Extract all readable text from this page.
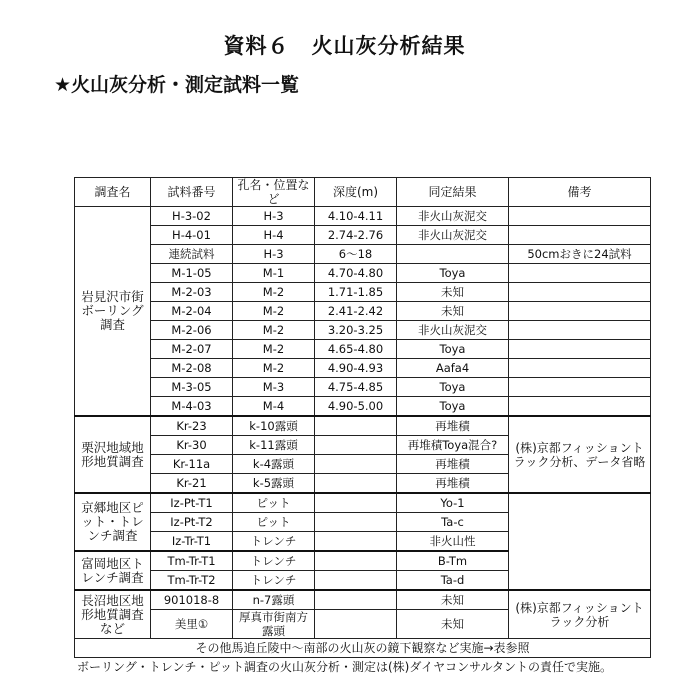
資料６　火山灰分析結果
★火山灰分析・測定試料一覧
調査名	試料番号	孔名・位置など	深度(m)	同定結果	備考
岩見沢市街ボーリング調査	H-3-02	H-3	4.10-4.11	非火山灰泥交	
	H-4-01	H-4	2.74-2.76	非火山灰泥交	
	連続試料	H-3	6～18		50cmおきに24試料
	M-1-05	M-1	4.70-4.80	Toya	
	M-2-03	M-2	1.71-1.85	未知	
	M-2-04	M-2	2.41-2.42	未知	
	M-2-06	M-2	3.20-3.25	非火山灰泥交	
	M-2-07	M-2	4.65-4.80	Toya	
	M-2-08	M-2	4.90-4.93	Aafa4	
	M-3-05	M-3	4.75-4.85	Toya	
	M-4-03	M-4	4.90-5.00	Toya	
栗沢地域地形地質調査	Kr-23	k-10露頭		再堆積	(株)京都フィッショントラック分析、データ省略
	Kr-30	k-11露頭		再堆積Toya混合?	
	Kr-11a	k-4露頭		再堆積	
	Kr-21	k-5露頭		再堆積	
京郷地区ピット・トレンチ調査	Iz-Pt-T1	ピット		Yo-1	
	Iz-Pt-T2	ピット		Ta-c	
	Iz-Tr-T1	トレンチ		非火山性	
富岡地区トレンチ調査	Tm-Tr-T1	トレンチ		B-Tm	
	Tm-Tr-T2	トレンチ		Ta-d	
長沼地区地形地質調査など	901018-8	n-7露頭		未知	(株)京都フィッショントラック分析
	美里①	厚真市街南方露頭		未知	
その他馬追丘陵中～南部の火山灰の鏡下観察など実施→表参照					
ボーリング・トレンチ・ピット調査の火山灰分析・測定は(株)ダイヤコンサルタントの責任で実施。
